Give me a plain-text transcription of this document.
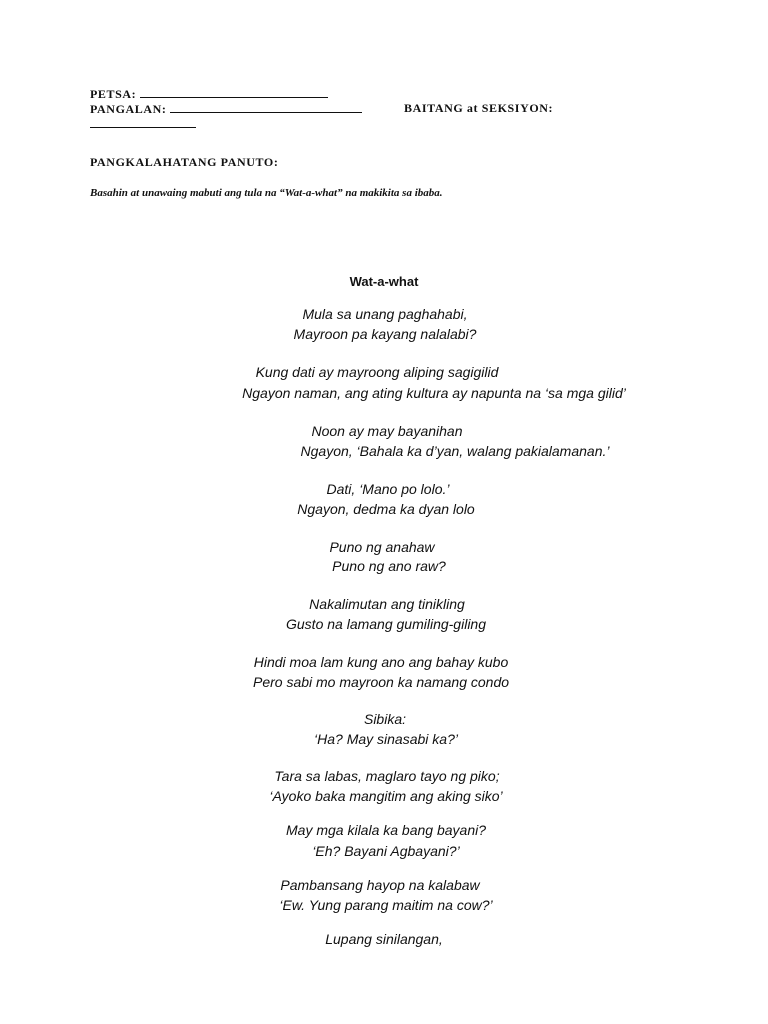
PETSA:
PANGALAN:	BAITANG at SEKSIYON:
PANGKALAHATANG PANUTO:
Basahin at unawaing mabuti ang tula na “Wat-a-what” na makikita sa ibaba.
Wat-a-what
Mula sa unang paghahabi,
Mayroon pa kayang nalalabi?
Kung dati ay mayroong aliping sagigilid
Ngayon naman, ang ating kultura ay napunta na ‘sa mga gilid’
Noon ay may bayanihan
Ngayon, ‘Bahala ka d’yan, walang pakialamanan.’
Dati, ‘Mano po lolo.’
Ngayon, dedma ka dyan lolo
Puno ng anahaw
Puno ng ano raw?
Nakalimutan ang tinikling
Gusto na lamang gumiling-giling
Hindi moa lam kung ano ang bahay kubo
Pero sabi mo mayroon ka namang condo
Sibika:
‘Ha? May sinasabi ka?’
Tara sa labas, maglaro tayo ng piko;
‘Ayoko baka mangitim ang aking siko’
May mga kilala ka bang bayani?
‘Eh? Bayani Agbayani?’
Pambansang hayop na kalabaw
‘Ew. Yung parang maitim na cow?’
Lupang sinilangan,
